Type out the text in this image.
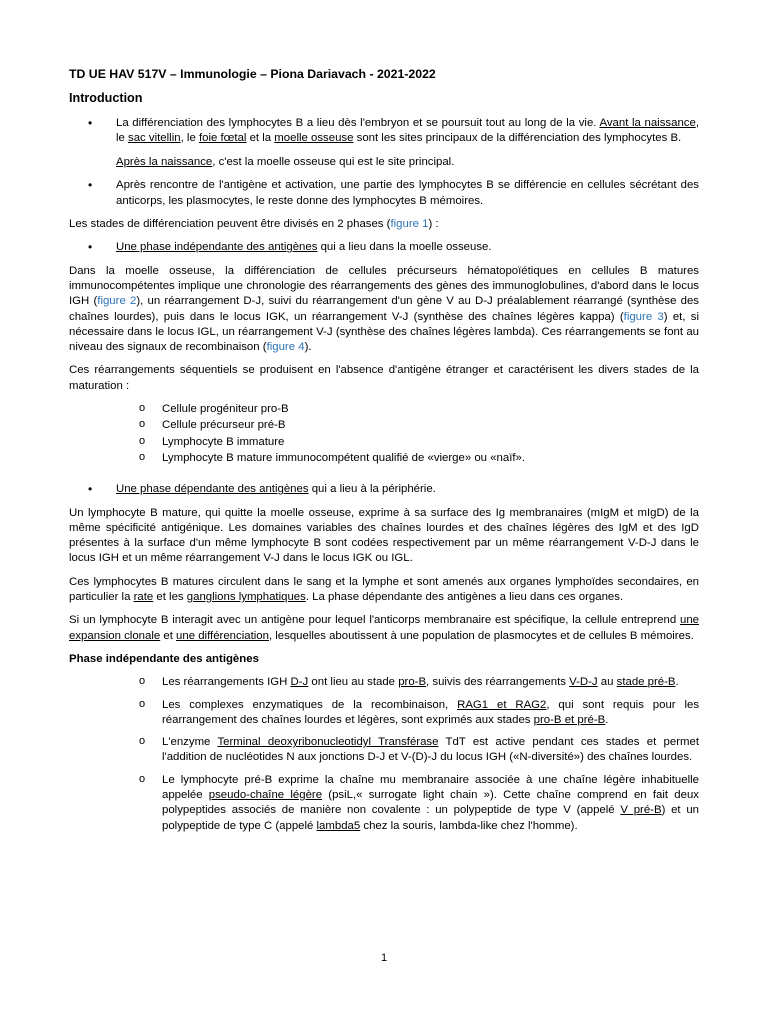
TD UE HAV 517V – Immunologie – Piona Dariavach - 2021-2022
Introduction
• La différenciation des lymphocytes B a lieu dès l'embryon et se poursuit tout au long de la vie. Avant la naissance, le sac vitellin, le foie fœtal et la moelle osseuse sont les sites principaux de la différenciation des lymphocytes B.
Après la naissance, c'est la moelle osseuse qui est le site principal.
• Après rencontre de l'antigène et activation, une partie des lymphocytes B se différencie en cellules sécrétant des anticorps, les plasmocytes, le reste donne des lymphocytes B mémoires.

Les stades de différenciation peuvent être divisés en 2 phases (figure 1) :

• Une phase indépendante des antigènes qui a lieu dans la moelle osseuse.

Dans la moelle osseuse, la différenciation de cellules précurseurs hématopoïétiques en cellules B matures immunocompétentes implique une chronologie des réarrangements des gènes des immunoglobulines, d'abord dans le locus IGH (figure 2), un réarrangement D-J, suivi du réarrangement d'un gène V au D-J préalablement réarrangé (synthèse des chaînes lourdes), puis dans le locus IGK, un réarrangement V-J (synthèse des chaînes légères kappa) (figure 3) et, si nécessaire dans le locus IGL, un réarrangement V-J (synthèse des chaînes légères lambda). Ces réarrangements se font au niveau des signaux de recombinaison (figure 4).

Ces réarrangements séquentiels se produisent en l'absence d'antigène étranger et caractérisent les divers stades de la maturation :

o Cellule progéniteur pro-B
o Cellule précurseur pré-B
o Lymphocyte B immature
o Lymphocyte B mature immunocompétent qualifié de «vierge» ou «naïf».
• Une phase dépendante des antigènes qui a lieu à la périphérie.

Un lymphocyte B mature, qui quitte la moelle osseuse, exprime à sa surface des Ig membranaires (mIgM et mIgD) de la même spécificité antigénique. Les domaines variables des chaînes lourdes et des chaînes légères des IgM et des IgD présentes à la surface d'un même lymphocyte B sont codées respectivement par un même réarrangement V-D-J dans le locus IGH et un même réarrangement V-J dans le locus IGK ou IGL.

Ces lymphocytes B matures circulent dans le sang et la lymphe et sont amenés aux organes lymphoïdes secondaires, en particulier la rate et les ganglions lymphatiques. La phase dépendante des antigènes a lieu dans ces organes.

Si un lymphocyte B interagit avec un antigène pour lequel l'anticorps membranaire est spécifique, la cellule entreprend une expansion clonale et une différenciation, lesquelles aboutissent à une population de plasmocytes et de cellules B mémoires.

Phase indépendante des antigènes
o Les réarrangements IGH D-J ont lieu au stade pro-B, suivis des réarrangements V-D-J au stade pré-B.
o Les complexes enzymatiques de la recombinaison, RAG1 et RAG2, qui sont requis pour les réarrangement des chaînes lourdes et légères, sont exprimés aux stades pro-B et pré-B.
o L'enzyme Terminal deoxyribonucleotidyl Transférase TdT est active pendant ces stades et permet l'addition de nucléotides N aux jonctions D-J et V-(D)-J du locus IGH («N-diversité») des chaînes lourdes.
o Le lymphocyte pré-B exprime la chaîne mu membranaire associée à une chaîne légère inhabituelle appelée pseudo-chaîne légère (psiL,« surrogate light chain »). Cette chaîne comprend en fait deux polypeptides associés de manière non covalente : un polypeptide de type V (appelé V pré-B) et un polypeptide de type C (appelé lambda5 chez la souris, lambda-like chez l'homme).
1
